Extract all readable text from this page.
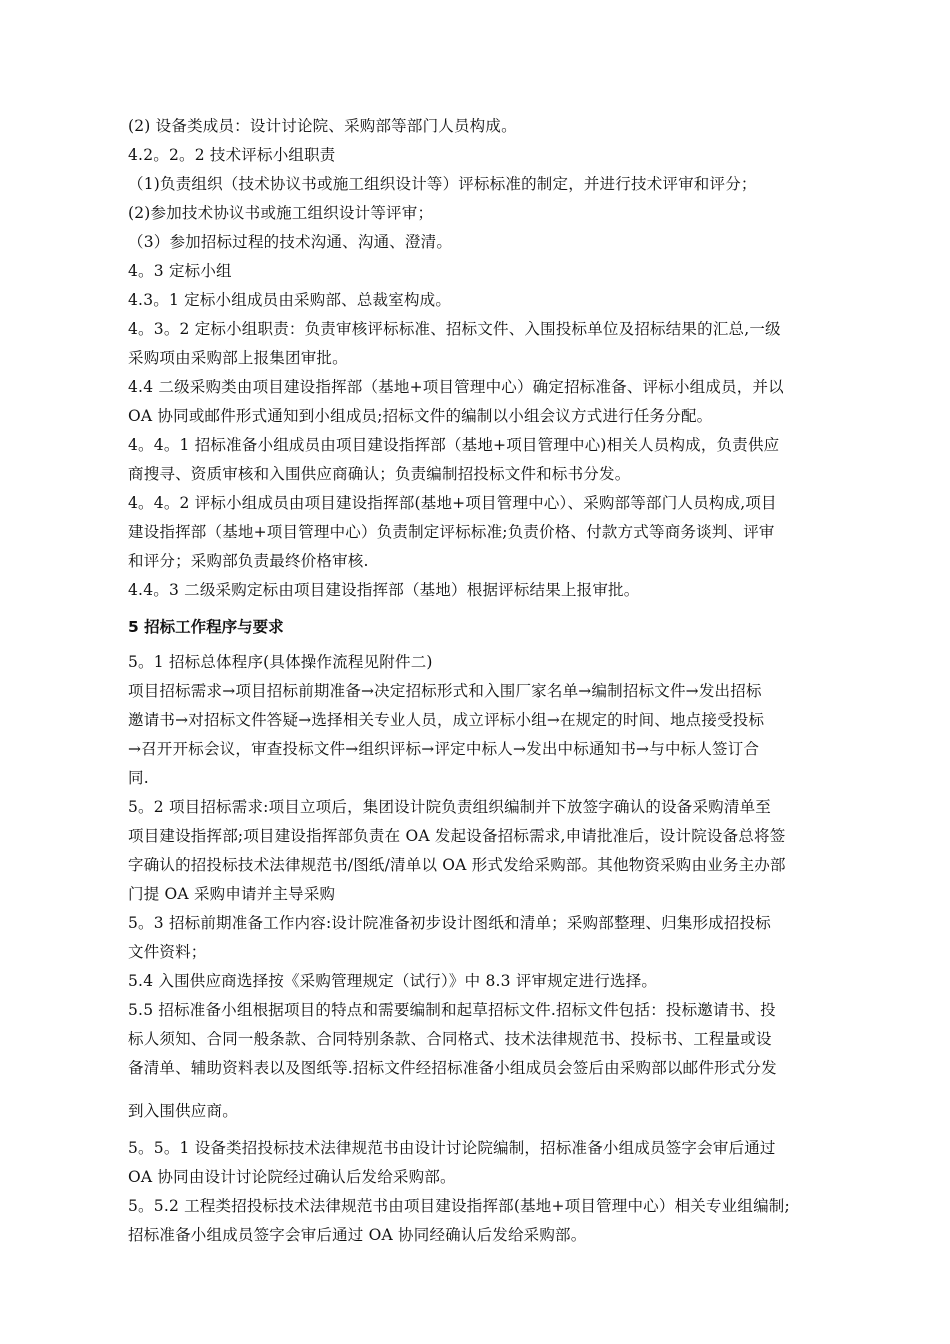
(2) 设备类成员：设计讨论院、采购部等部门人员构成。
4.2。2。2 技术评标小组职责
（1)负责组织（技术协议书或施工组织设计等）评标标准的制定，并进行技术评审和评分；
(2)参加技术协议书或施工组织设计等评审；
（3）参加招标过程的技术沟通、沟通、澄清。
4。3 定标小组
4.3。1 定标小组成员由采购部、总裁室构成。
4。3。2 定标小组职责：负责审核评标标准、招标文件、入围投标单位及招标结果的汇总,一级
采购项由采购部上报集团审批。
4.4 二级采购类由项目建设指挥部（基地+项目管理中心）确定招标准备、评标小组成员，并以
OA 协同或邮件形式通知到小组成员;招标文件的编制以小组会议方式进行任务分配。
4。4。1 招标准备小组成员由项目建设指挥部（基地+项目管理中心)相关人员构成，负责供应
商搜寻、资质审核和入围供应商确认；负责编制招投标文件和标书分发。
4。4。2 评标小组成员由项目建设指挥部(基地+项目管理中心）、采购部等部门人员构成,项目
建设指挥部（基地+项目管理中心）负责制定评标标准;负责价格、付款方式等商务谈判、评审
和评分；采购部负责最终价格审核.
4.4。3 二级采购定标由项目建设指挥部（基地）根据评标结果上报审批。
5 招标工作程序与要求
5。1 招标总体程序(具体操作流程见附件二)
项目招标需求→项目招标前期准备→决定招标形式和入围厂家名单→编制招标文件→发出招标
邀请书→对招标文件答疑→选择相关专业人员，成立评标小组→在规定的时间、地点接受投标
→召开开标会议，审查投标文件→组织评标→评定中标人→发出中标通知书→与中标人签订合
同.
5。2 项目招标需求:项目立项后，集团设计院负责组织编制并下放签字确认的设备采购清单至
项目建设指挥部;项目建设指挥部负责在 OA 发起设备招标需求,申请批准后，设计院设备总将签
字确认的招投标技术法律规范书/图纸/清单以 OA 形式发给采购部。其他物资采购由业务主办部
门提 OA 采购申请并主导采购
5。3 招标前期准备工作内容:设计院准备初步设计图纸和清单；采购部整理、归集形成招投标
文件资料；
5.4 入围供应商选择按《采购管理规定（试行）》中 8.3 评审规定进行选择。
5.5 招标准备小组根据项目的特点和需要编制和起草招标文件.招标文件包括：投标邀请书、投
标人须知、合同一般条款、合同特别条款、合同格式、技术法律规范书、投标书、工程量或设
备清单、辅助资料表以及图纸等.招标文件经招标准备小组成员会签后由采购部以邮件形式分发
到入围供应商。
5。5。1 设备类招投标技术法律规范书由设计讨论院编制，招标准备小组成员签字会审后通过
OA 协同由设计讨论院经过确认后发给采购部。
5。5.2 工程类招投标技术法律规范书由项目建设指挥部(基地+项目管理中心）相关专业组编制;
招标准备小组成员签字会审后通过 OA 协同经确认后发给采购部。
